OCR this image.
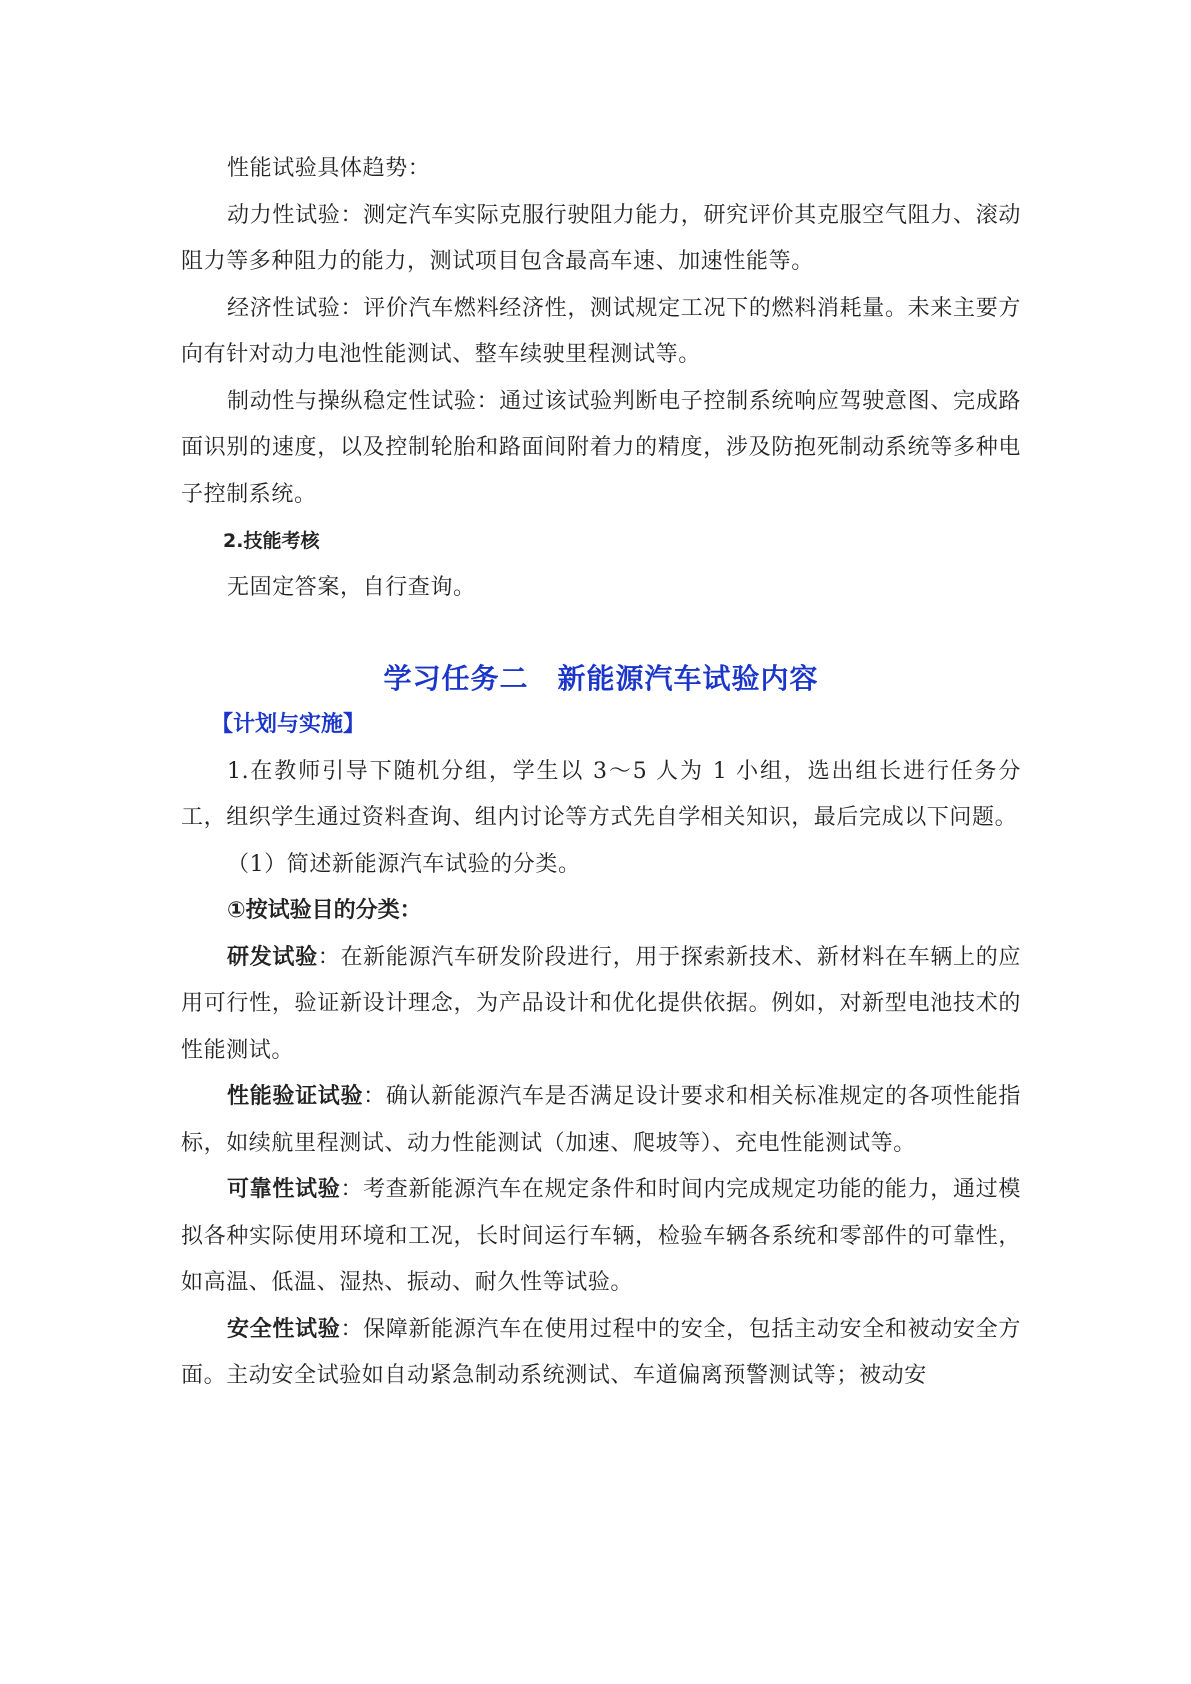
性能试验具体趋势：

动力性试验：测定汽车实际克服行驶阻力能力，研究评价其克服空气阻力、滚动阻力等多种阻力的能力，测试项目包含最高车速、加速性能等。

经济性试验：评价汽车燃料经济性，测试规定工况下的燃料消耗量。未来主要方向有针对动力电池性能测试、整车续驶里程测试等。

制动性与操纵稳定性试验：通过该试验判断电子控制系统响应驾驶意图、完成路面识别的速度，以及控制轮胎和路面间附着力的精度，涉及防抱死制动系统等多种电子控制系统。

2.技能考核

无固定答案，自行查询。

学习任务二　新能源汽车试验内容

【计划与实施】

1.在教师引导下随机分组，学生以 3～5 人为 1 小组，选出组长进行任务分工，组织学生通过资料查询、组内讨论等方式先自学相关知识，最后完成以下问题。

（1）简述新能源汽车试验的分类。

①按试验目的分类：

研发试验：在新能源汽车研发阶段进行，用于探索新技术、新材料在车辆上的应用可行性，验证新设计理念，为产品设计和优化提供依据。例如，对新型电池技术的性能测试。

性能验证试验：确认新能源汽车是否满足设计要求和相关标准规定的各项性能指标，如续航里程测试、动力性能测试（加速、爬坡等）、充电性能测试等。

可靠性试验：考查新能源汽车在规定条件和时间内完成规定功能的能力，通过模拟各种实际使用环境和工况，长时间运行车辆，检验车辆各系统和零部件的可靠性，如高温、低温、湿热、振动、耐久性等试验。

安全性试验：保障新能源汽车在使用过程中的安全，包括主动安全和被动安全方面。主动安全试验如自动紧急制动系统测试、车道偏离预警测试等；被动安
